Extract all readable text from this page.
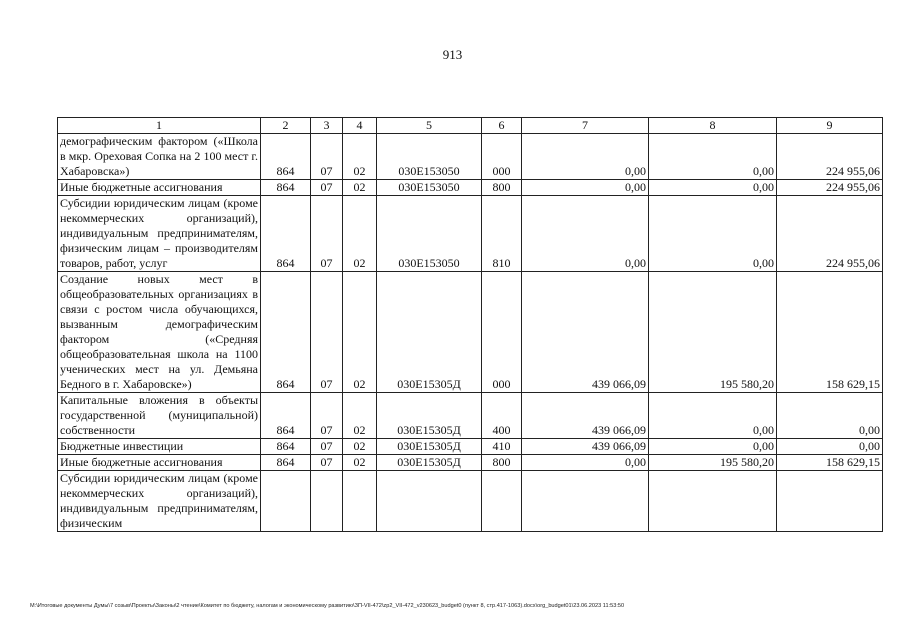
913
1	2	3	4	5	6	7	8	9
демографическим фактором («Школа в мкр. Ореховая Сопка на 2 100 мест г. Хабаровска»)	864	07	02	030Е153050	000	0,00	0,00	224 955,06
Иные бюджетные ассигнования	864	07	02	030Е153050	800	0,00	0,00	224 955,06
Субсидии юридическим лицам (кроме некоммерческих организаций), индивидуальным предпринимателям, физическим лицам – производителям товаров, работ, услуг	864	07	02	030Е153050	810	0,00	0,00	224 955,06
Создание новых мест в общеобразовательных организациях в связи с ростом числа обучающихся, вызванным демографическим фактором («Средняя общеобразовательная школа на 1100 ученических мест на ул. Демьяна Бедного в г. Хабаровске»)	864	07	02	030Е15305Д	000	439 066,09	195 580,20	158 629,15
Капитальные вложения в объекты государственной (муниципальной) собственности	864	07	02	030Е15305Д	400	439 066,09	0,00	0,00
Бюджетные инвестиции	864	07	02	030Е15305Д	410	439 066,09	0,00	0,00
Иные бюджетные ассигнования	864	07	02	030Е15305Д	800	0,00	195 580,20	158 629,15
Субсидии юридическим лицам (кроме некоммерческих организаций), индивидуальным предпринимателям, физическим								
M:\Итоговые документы Думы\7 созыв\Проекты\Законы\2 чтение\Комитет по бюджету, налогам и экономическому развитию\ЗП-VII-472\zp2_VII-472_v230623_budget0 (пункт 8, стр.417-1063).docx\org_budget01\23.06.2023 11:53:50
